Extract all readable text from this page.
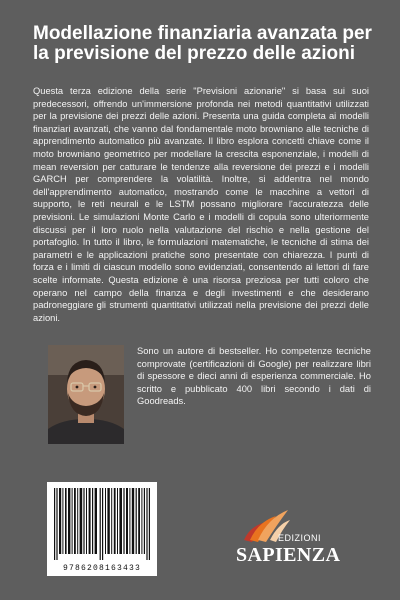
Modellazione finanziaria avanzata per la previsione del prezzo delle azioni

Questa terza edizione della serie "Previsioni azionarie" si basa sui suoi predecessori, offrendo un'immersione profonda nei metodi quantitativi utilizzati per la previsione dei prezzi delle azioni. Presenta una guida completa ai modelli finanziari avanzati, che vanno dal fondamentale moto browniano alle tecniche di apprendimento automatico più avanzate. Il libro esplora concetti chiave come il moto browniano geometrico per modellare la crescita esponenziale, i modelli di mean reversion per catturare le tendenze alla reversione dei prezzi e i modelli GARCH per comprendere la volatilità. Inoltre, si addentra nel mondo dell'apprendimento automatico, mostrando come le macchine a vettori di supporto, le reti neurali e le LSTM possano migliorare l'accuratezza delle previsioni. Le simulazioni Monte Carlo e i modelli di copula sono ulteriormente discussi per il loro ruolo nella valutazione del rischio e nella gestione del portafoglio. In tutto il libro, le formulazioni matematiche, le tecniche di stima dei parametri e le applicazioni pratiche sono presentate con chiarezza. I punti di forza e i limiti di ciascun modello sono evidenziati, consentendo ai lettori di fare scelte informate. Questa edizione è una risorsa preziosa per tutti coloro che operano nel campo della finanza e degli investimenti e che desiderano padroneggiare gli strumenti quantitativi utilizzati nella previsione dei prezzi delle azioni.

Sono un autore di bestseller. Ho competenze tecniche comprovate (certificazioni di Google) per realizzare libri di spessore e dieci anni di esperienza commerciale. Ho scritto e pubblicato 400 libri secondo i dati di Goodreads.

9786208163433
EDIZIONI
SAPIENZA
